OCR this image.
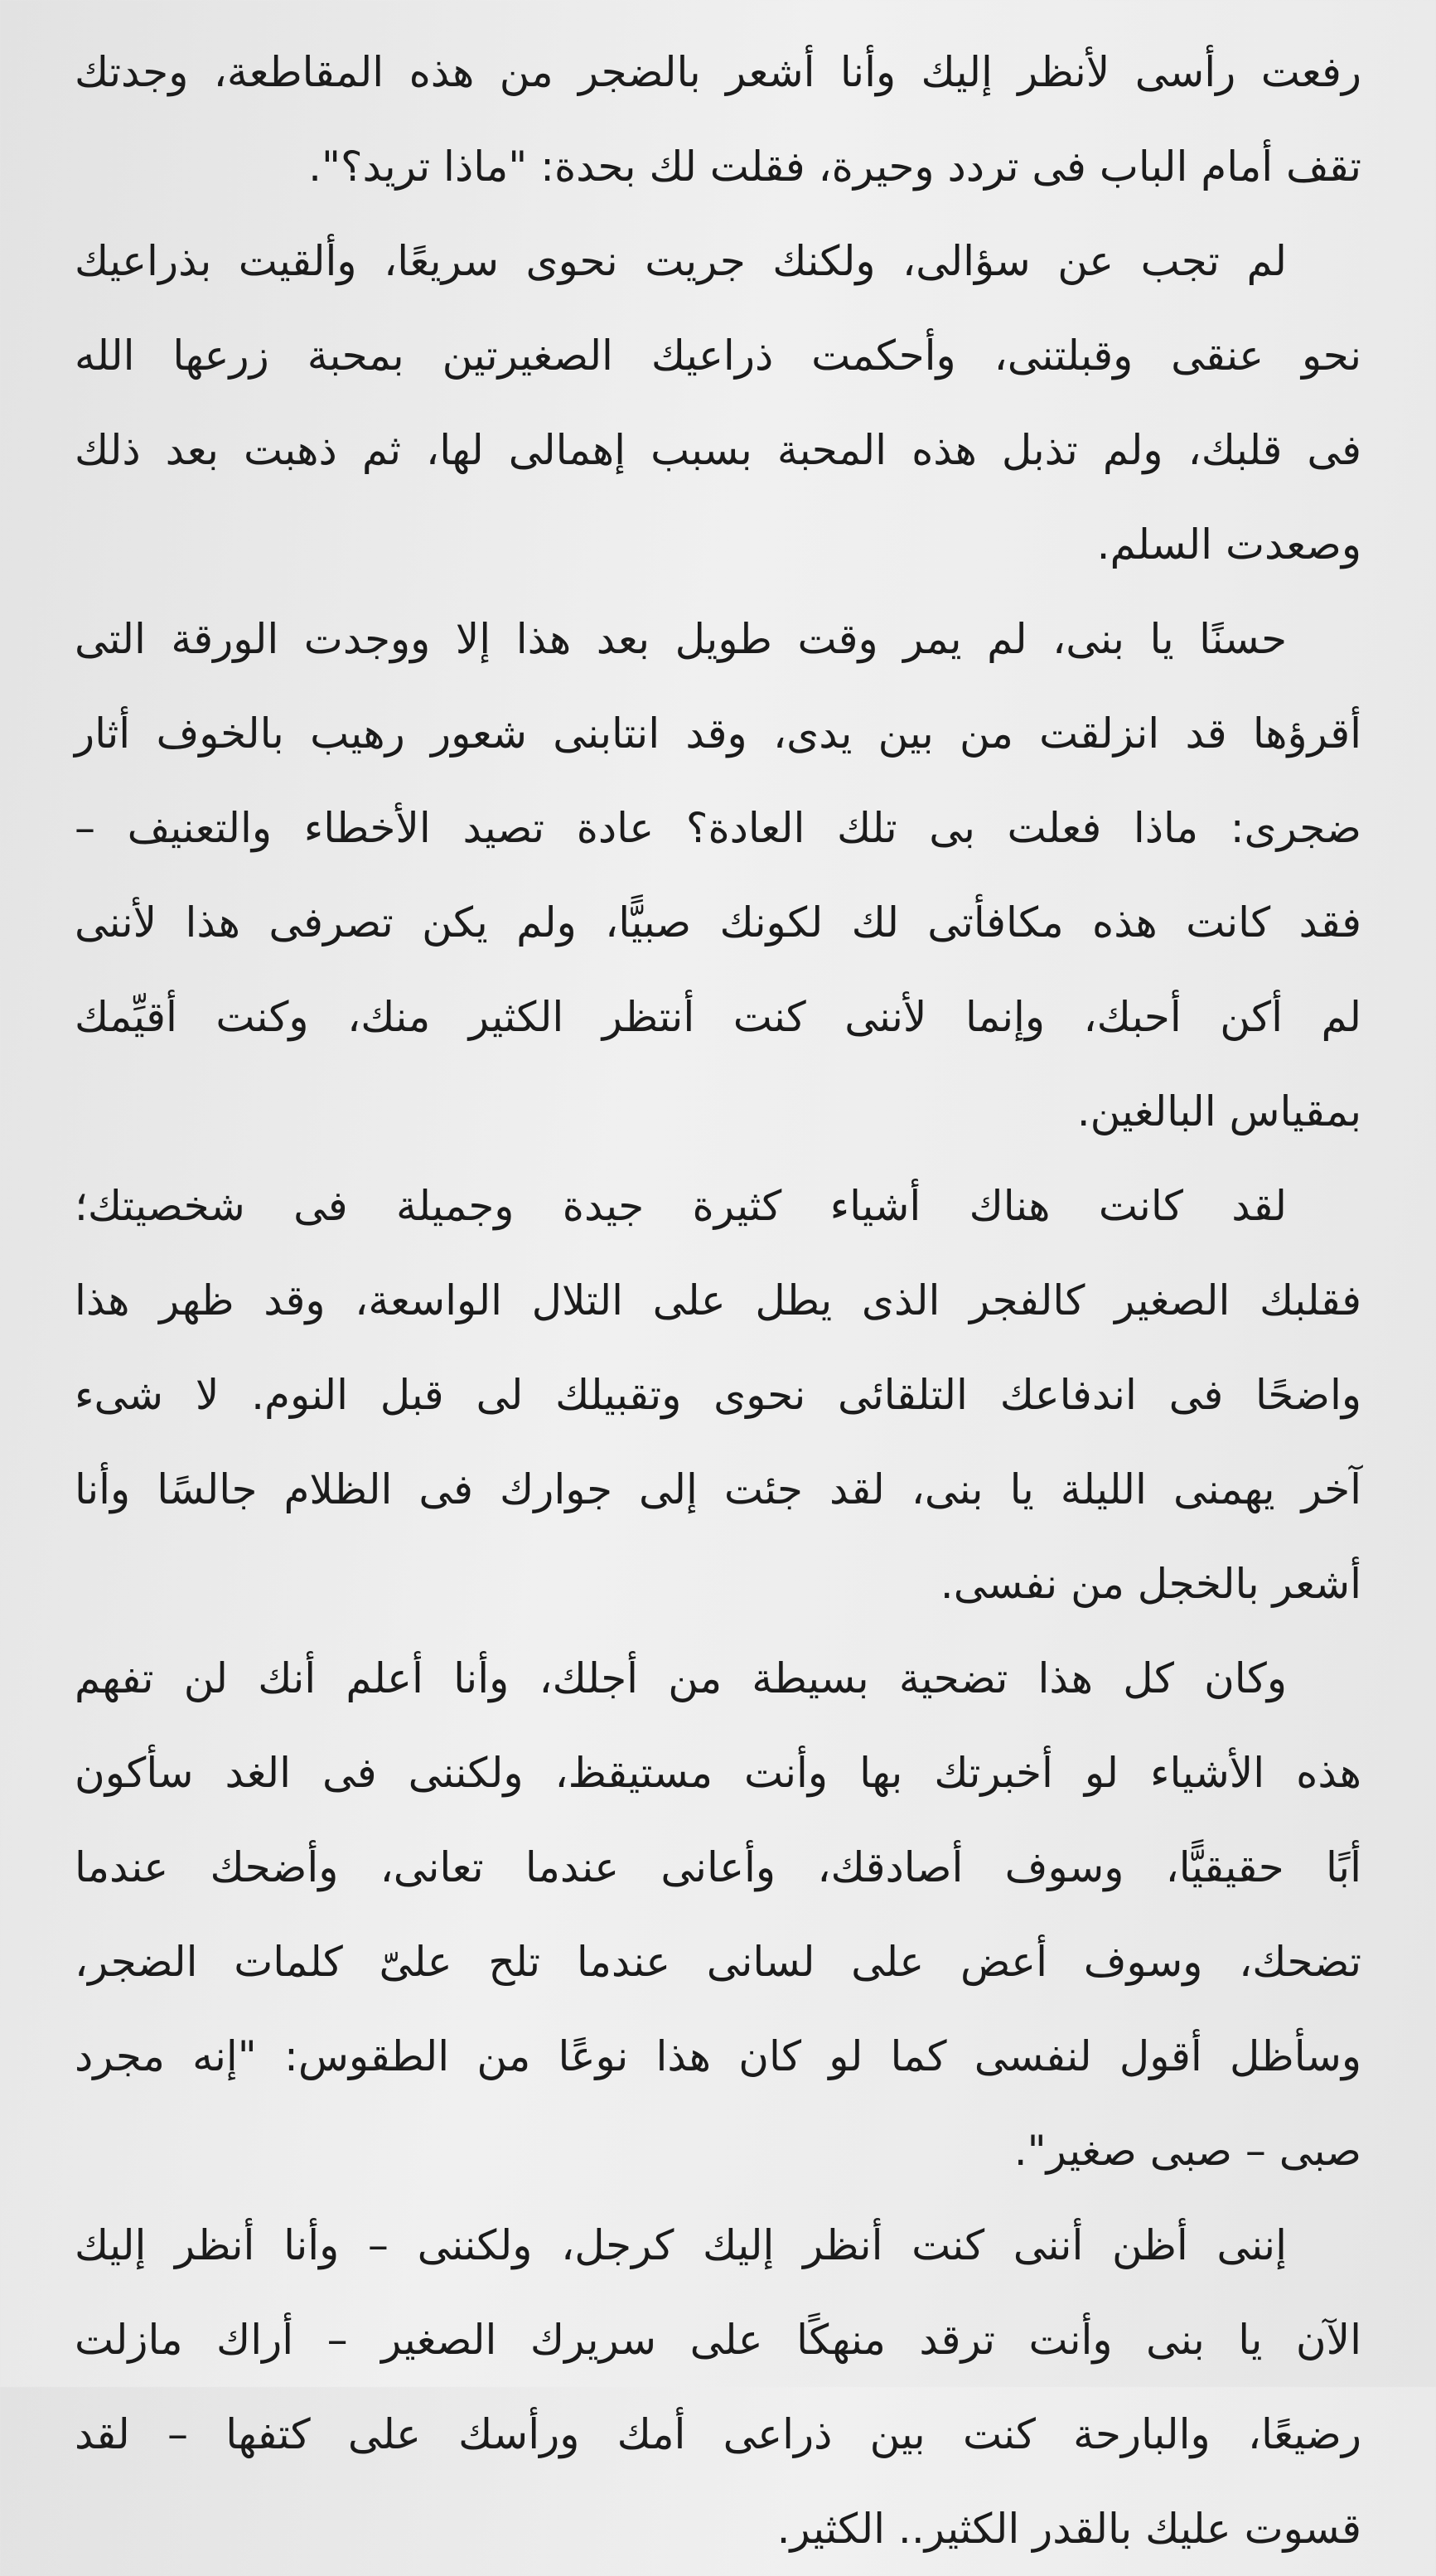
رفعت رأسى لأنظر إليك وأنا أشعر بالضجر من هذه المقاطعة، وجدتك
تقف أمام الباب فى تردد وحيرة، فقلت لك بحدة: "ماذا تريد؟".

لم تجب عن سؤالى، ولكنك جريت نحوى سريعًا، وألقيت بذراعيك
نحو عنقى وقبلتنى، وأحكمت ذراعيك الصغيرتين بمحبة زرعها الله
فى قلبك، ولم تذبل هذه المحبة بسبب إهمالى لها، ثم ذهبت بعد ذلك
وصعدت السلم.

حسنًا يا بنى، لم يمر وقت طويل بعد هذا إلا ووجدت الورقة التى
أقرؤها قد انزلقت من بين يدى، وقد انتابنى شعور رهيب بالخوف أثار
ضجرى: ماذا فعلت بى تلك العادة؟ عادة تصيد الأخطاء والتعنيف –
فقد كانت هذه مكافأتى لك لكونك صبيًّا، ولم يكن تصرفى هذا لأننى
لم أكن أحبك، وإنما لأننى كنت أنتظر الكثير منك، وكنت أقيِّمك
بمقياس البالغين.

لقد كانت هناك أشياء كثيرة جيدة وجميلة فى شخصيتك؛
فقلبك الصغير كالفجر الذى يطل على التلال الواسعة، وقد ظهر هذا
واضحًا فى اندفاعك التلقائى نحوى وتقبيلك لى قبل النوم. لا شىء
آخر يهمنى الليلة يا بنى، لقد جئت إلى جوارك فى الظلام جالسًا وأنا
أشعر بالخجل من نفسى.

وكان كل هذا تضحية بسيطة من أجلك، وأنا أعلم أنك لن تفهم
هذه الأشياء لو أخبرتك بها وأنت مستيقظ، ولكننى فى الغد سأكون
أبًا حقيقيًّا، وسوف أصادقك، وأعانى عندما تعانى، وأضحك عندما
تضحك، وسوف أعض على لسانى عندما تلح علىّ كلمات الضجر،
وسأظل أقول لنفسى كما لو كان هذا نوعًا من الطقوس: "إنه مجرد
صبى – صبى صغير".

إننى أظن أننى كنت أنظر إليك كرجل، ولكننى – وأنا أنظر إليك
الآن يا بنى وأنت ترقد منهكًا على سريرك الصغير – أراك مازلت
رضيعًا، والبارحة كنت بين ذراعى أمك ورأسك على كتفها – لقد
قسوت عليك بالقدر الكثير.. الكثير.
